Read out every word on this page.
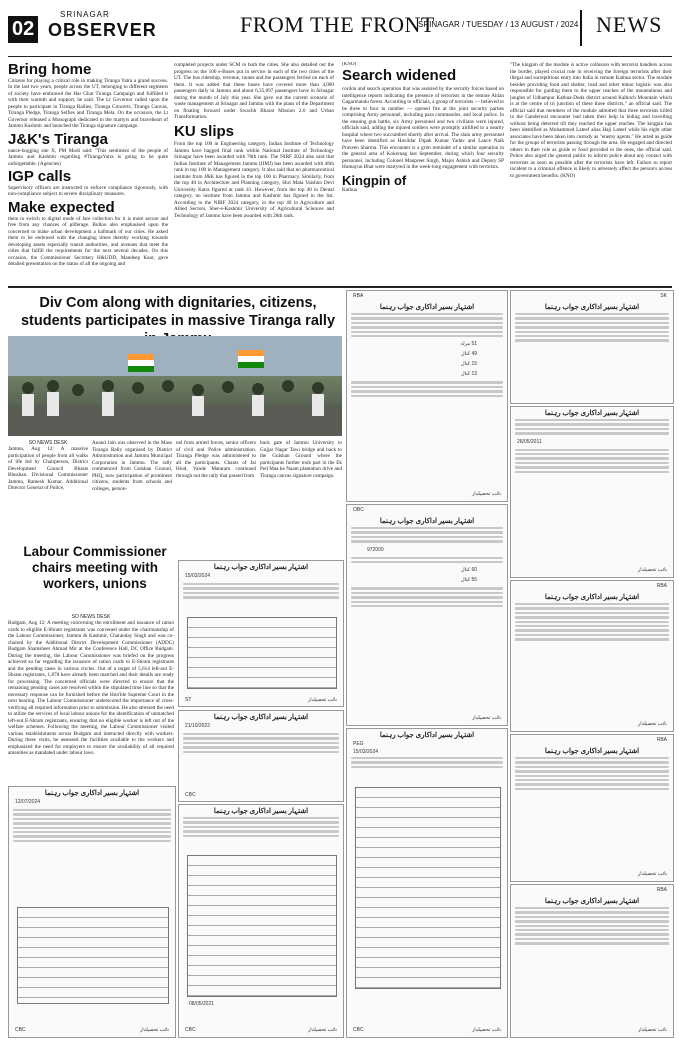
02
SRINAGAR
OBSERVER	FROM THE FRONT
SRINAGAR / TUESDAY / 13 AUGUST / 2024 NEWS
Bring home
Citizens for playing a critical role in making Tiranga Yatra a grand success. In the last two years, people across the UT, belonging to different segments of society have embraced the Har Ghar Tiranga Campaign and fulfilled it with their warmth and support, he said. The Lt Governor called upon the people to participate in Tiranga Rallies, Tiranga Concerts, Tiranga Canvas, Tiranga Pledge, Tiranga Selfies and Tiranga Mela. On the occasion, the Lt Governor released a Monograph dedicated to the martyrs and braveheart of Jammu Kashmir and launched the Tiranga signature campaign.
J&K's Tiranga
nance-hogging site X, PM Modi said: "This sentiment of the people of Jammu and Kashmir regarding #TirangaYatra is going to be quite unforgettable. (Agencies)
IGP calls
Supervisory officers are instructed to enforce compliance rigorously, with non-compliance subject to severe disciplinary measures.
Make expected
them to switch to digital mode of fare collection for it is more secure and free from any chances of pilferage. Bulloo also emphasised upon the concerned to make urban development a hallmark of our cities. He asked them to be endowed with the changing times thereby working towards developing assets especially transit authorities, and avenues that meet the cities that fulfill the requirements for the next several decades. On this occasion, the Commissioner Secretary H&UDD, Mandeep Kaur, gave detailed presentation on the status of all the ongoing and
completed projects under SCM in both the cities. She also detailed out the progress on the 100 e-Buses put in service in each of the two cities of the UT. The bus ridership, revenue, routes and the passengers ferried on each of them. It was added that these buses have covered more than 4,000 passengers daily in Jammu and about 6,35,897 passengers have in Srinagar during the month of July this year. She gave out the current scenario of waste management at Srinagar and Jammu with the plans of the Department on floating forward under Swachh Bharat Mission 2.0 and Urban Transformation.
KU slips
From the top 100 in Engineering category, Indian Institute of Technology Jammu have bagged final rank within National Institute of Technology Srinagar have been awarded with 70th rank. The NIRF 2024 also said that Indian Institute of Management Jammu (IIMJ) has been awarded with 46th rank in top 100 in Management category. It also said that no pharmaceutical institute from J&K has figured in the top 100 in Pharmacy. Similarly, from the top 40 in Architecture and Planning category, Shri Mata Vaishno Devi University Katra figured at rank 41. However, from the top 40 in Dental category, no institute from Jammu and Kashmir has figured in the list. According to the NIRF 2024 category, in the top 40 in Agriculture and Allied Sectors, Sher-e-Kashmir University of Agricultural Sciences and Technology of Jammu have been awarded with 28th rank.
(KNO)
Search widened
cordon and search operation that was assisted by the security forces based on intelligence reports indicating the presence of terrorists in the remote Ahlan Gagarmandu forest. According to officials, a group of terrorists — believed to be three to four in number — opened fire at the joint security parties comprising Army personnel, including para commandos, and local police. In the ensuing gun battle, six Army personnel and two civilians were injured, officials said, adding the injured soldiers were promptly airlifted to a nearby hospital where two succumbed shortly after arrival. The slain army personnel have been identified as Havildar Dipak Kumar Yadav and Lance Naik Praveen Sharma. This encounter is a grim reminder of a similar operation in the general area of Kokernag last September, during which four security personnel, including Colonel Manpreet Singh, Major Ashish and Deputy SP Humayun Bhat were martyred in the week-long engagement with terrorists.
Kingpin of
Kathua
"The kingpin of the module is active collusion with terrorist handlers across the border, played crucial role in receiving the foreign terrorists after their illegal and surreptitious entry into India in remote Kathua sector. The module besides providing food and shelter, road and other minor logistic was also responsible for guiding them to the upper reaches of the mountainous and jungles of Udhampur Kathua-Doda district around Kalhoch Mountain which is at the centre of tri junction of these three districts," an official said. The official said that members of the module admitted that three terrorists killed in the Ganderwal encounter had taken their help in hiding and travelling without being detected till they reached the upper reaches. The kingpin has been identified as Mohammed Lateef alias Haji Lateef while his eight other associates have been taken into custody as "enemy agents." He acted as guide for the groups of terrorists passing through the area. He engaged and directed others in their role as guide or food provided to the ones, the official said. Police also urged the general public to inform police about any contact with terrorists as soon as possible after the terrorists have left. Failure to report incident to a criminal offence is likely to adversely affect the person's access to government benefits. (KNO)
Div Com along with dignitaries, citizens, students participates in massive Tiranga rally
SO NEWS DESK
Jammu, Aug 12: A massive participation of people from all walks of life led by Chairperson, District Development Council Bharat Bhushan. Divisional Commissioner Jammu, Ramesh Kumar, Additional Director General of Police,
Anand Jain was observed in the Mass Tiranga Rally organised by District Administration and Jammu Municipal Corporation in Jammu. The rally commenced from Gulshan Ground, PHQ, now participation of prominent citizens, students from schools and colleges, person-
nel from armed forces, senior officers of civil and Police administration. Tiranga Pledge was administered to all the participants. Chants of Jai Hind, Vande Mataram continued through out the rally that passed from
back gate of Jammu University to Gujjar Nagar Tawi bridge and back to the Gulshan Ground where the participants further took part in the Ek Ped Maa ke Naam plantation drive and Tiranga canvas signature campaign.
Labour Commissioner chairs meeting with workers, unions
SO NEWS DESK
Budgam, Aug 12: A meeting concerning the enrollment and issuance of ration cards to eligible E-Shram registrants was convened under the chairmanship of the Labour Commissioner, Jammu & Kashmir, Charanday Singh and was co-chaired by the Additional District Development Commissioner (ADDC) Budgam Shamsheer Ahmad Mir at the Conference Hall, DC Office Budgam. During the meeting, the Labour Commissioner was briefed on the progress achieved so far regarding the issuance of ration cards to E-Shram registrants and the pending cases in various circles. Out of a target of 5,614 left-out E-Shram registrants, 1,878 have already been matched and their details are ready for processing. The concerned officials were directed to ensure that the remaining pending cases are resolved within the stipulated time line so that the necessary response can be furnished before the Hon'ble Supreme Court in the next hearing. The Labour Commissioner underscored the importance of cross-verifying all required information prior to submission. He also stressed the need to utilize the services of local labour unions for the identification of unmatched left-out E-Shram registrants, ensuring that no eligible worker is left out of the welfare schemes. Following the meeting, the Labour Commissioner visited various establishments across Budgam and interacted directly with workers. During these visits, he assessed the facilities available to the workers and emphasized the need for employers to ensure the availability of all required amenities as mandated under labour laws.
اشتہار بسیر اداکاری جواب رہنما
12/07/2024
CBC	نائب تحصیلدار
اشتہار بسیر اداکاری جواب رہنما
15/03/2024
ST	نائب تحصیلدار
اشتہار بسیر اداکاری جواب رہنما
21/10/2022
CBC
اشتہار بسیر اداکاری جواب رہنما
08/05/2021
CBC	نائب تحصیلدار
RBA
اشتہار بسیر اداکاری جواب رہنما
51 مرلہ
49 کنال
15 کنال
13 کنال
نائب تحصیلدار
OBC
اشتہار بسیر اداکاری جواب رہنما
972000
60 کنال
55 کنال
نائب تحصیلدار
اشتہار بسیر اداکاری جواب رہنما
PEG
15/03/2024
CBC	نائب تحصیلدار
SK
اشتہار بسیر اداکاری جواب رہنما
اشتہار بسیر اداکاری جواب رہنما
26/05/2011
نائب تحصیلدار
RBA
اشتہار بسیر اداکاری جواب رہنما
نائب تحصیلدار
RBA
اشتہار بسیر اداکاری جواب رہنما
نائب تحصیلدار
RBA
اشتہار بسیر اداکاری جواب رہنما
نائب تحصیلدار
